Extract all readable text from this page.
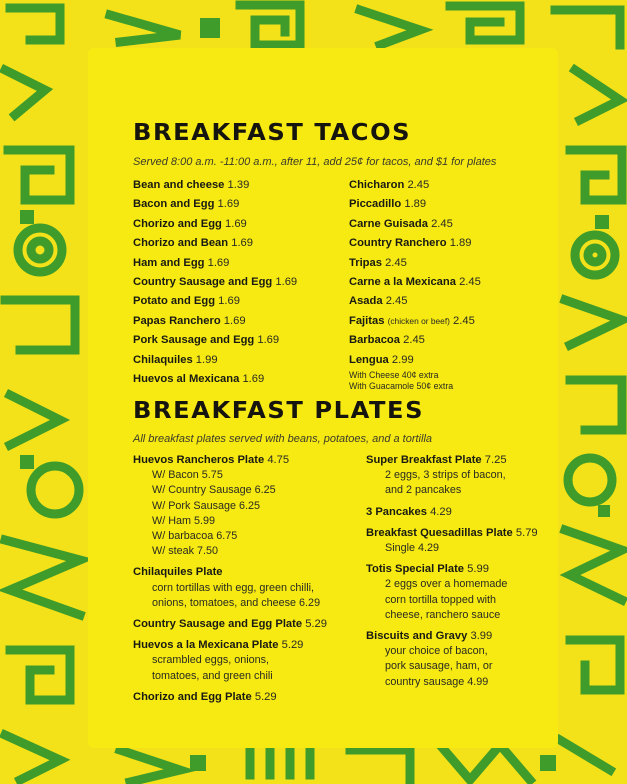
BREAKFAST TACOS
Served 8:00 a.m. -11:00 a.m., after 11, add 25¢ for tacos, and $1 for plates
Bean and cheese 1.39
Bacon and Egg 1.69
Chorizo and Egg 1.69
Chorizo and Bean 1.69
Ham and Egg 1.69
Country Sausage and Egg 1.69
Potato and Egg 1.69
Papas Ranchero 1.69
Pork Sausage and Egg 1.69
Chilaquiles 1.99
Huevos al Mexicana 1.69
Chicharon 2.45
Piccadillo 1.89
Carne Guisada 2.45
Country Ranchero 1.89
Tripas 2.45
Carne a la Mexicana 2.45
Asada 2.45
Fajitas (chicken or beef) 2.45
Barbacoa 2.45
Lengua 2.99
With Cheese 40¢ extra
With Guacamole 50¢ extra
BREAKFAST PLATES
All breakfast plates served with beans, potatoes, and a tortilla
Huevos Rancheros Plate 4.75
W/ Bacon 5.75
W/ Country Sausage 6.25
W/ Pork Sausage 6.25
W/ Ham 5.99
W/ barbacoa 6.75
W/ steak 7.50
Chilaquiles Plate
corn tortillas with egg, green chilli,
onions, tomatoes, and cheese 6.29
Country Sausage and Egg Plate 5.29
Huevos a la Mexicana Plate 5.29
scrambled eggs, onions,
tomatoes, and green chili
Chorizo and Egg Plate 5.29
Super Breakfast Plate 7.25
2 eggs, 3 strips of bacon,
and 2 pancakes
3 Pancakes 4.29
Breakfast Quesadillas Plate 5.79
Single 4.29
Totis Special Plate 5.99
2 eggs over a homemade
corn tortilla topped with
cheese, ranchero sauce
Biscuits and Gravy 3.99
your choice of bacon,
pork sausage, ham, or
country sausage 4.99
